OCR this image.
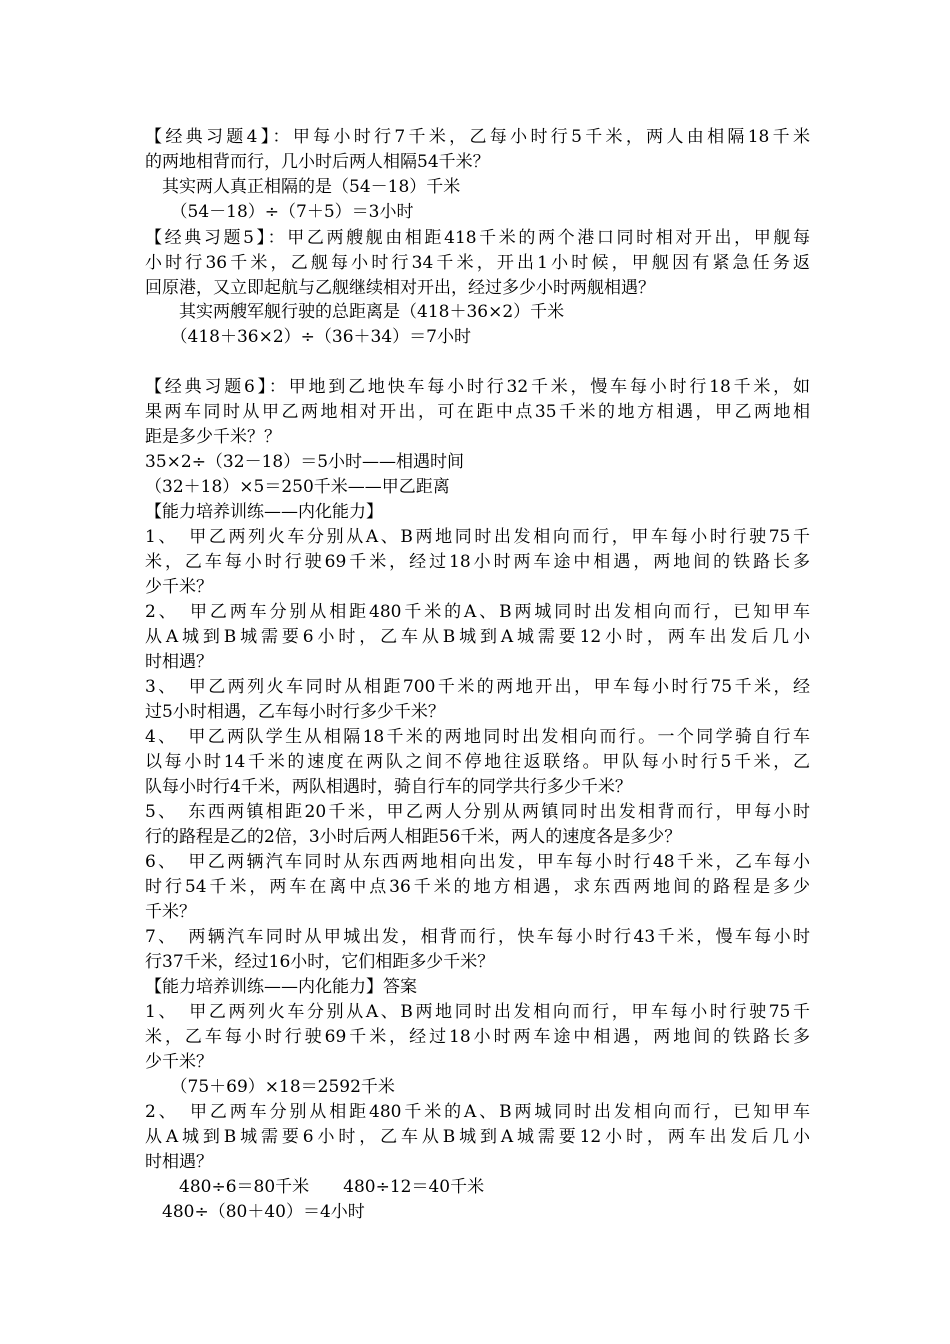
【经典习题4】：甲每小时行7千米，乙每小时行5千米，两人由相隔18千米
的两地相背而行，几小时后两人相隔54千米？
　其实两人真正相隔的是（54－18）千米
　　（54－18）÷（7＋5）＝3小时
【经典习题5】：甲乙两艘舰由相距418千米的两个港口同时相对开出，甲舰每
小时行36千米，乙舰每小时行34千米，开出1小时候，甲舰因有紧急任务返
回原港，又立即起航与乙舰继续相对开出，经过多少小时两舰相遇？
　　其实两艘军舰行驶的总距离是（418＋36×2）千米
　　（418＋36×2）÷（36＋34）＝7小时
【经典习题6】：甲地到乙地快车每小时行32千米，慢车每小时行18千米，如
果两车同时从甲乙两地相对开出，可在距中点35千米的地方相遇，甲乙两地相
距是多少千米？？
35×2÷（32－18）＝5小时——相遇时间
（32＋18）×5＝250千米——甲乙距离
【能力培养训练——内化能力】
1、　甲乙两列火车分别从A、B两地同时出发相向而行，甲车每小时行驶75千
米，乙车每小时行驶69千米，经过18小时两车途中相遇，两地间的铁路长多
少千米？
2、　甲乙两车分别从相距480千米的A、B两城同时出发相向而行，已知甲车
从A城到B城需要6小时，乙车从B城到A城需要12小时，两车出发后几小
时相遇？
3、　甲乙两列火车同时从相距700千米的两地开出，甲车每小时行75千米，经
过5小时相遇，乙车每小时行多少千米？
4、　甲乙两队学生从相隔18千米的两地同时出发相向而行。一个同学骑自行车
以每小时14千米的速度在两队之间不停地往返联络。甲队每小时行5千米，乙
队每小时行4千米，两队相遇时，骑自行车的同学共行多少千米？
5、　东西两镇相距20千米，甲乙两人分别从两镇同时出发相背而行，甲每小时
行的路程是乙的2倍，3小时后两人相距56千米，两人的速度各是多少？
6、　甲乙两辆汽车同时从东西两地相向出发，甲车每小时行48千米，乙车每小
时行54千米，两车在离中点36千米的地方相遇，求东西两地间的路程是多少
千米？
7、　两辆汽车同时从甲城出发，相背而行，快车每小时行43千米，慢车每小时
行37千米，经过16小时，它们相距多少千米？
【能力培养训练——内化能力】答案
1、　甲乙两列火车分别从A、B两地同时出发相向而行，甲车每小时行驶75千
米，乙车每小时行驶69千米，经过18小时两车途中相遇，两地间的铁路长多
少千米？
　　（75＋69）×18＝2592千米
2、　甲乙两车分别从相距480千米的A、B两城同时出发相向而行，已知甲车
从A城到B城需要6小时，乙车从B城到A城需要12小时，两车出发后几小
时相遇？
　　480÷6＝80千米　　480÷12＝40千米
　480÷（80＋40）＝4小时
